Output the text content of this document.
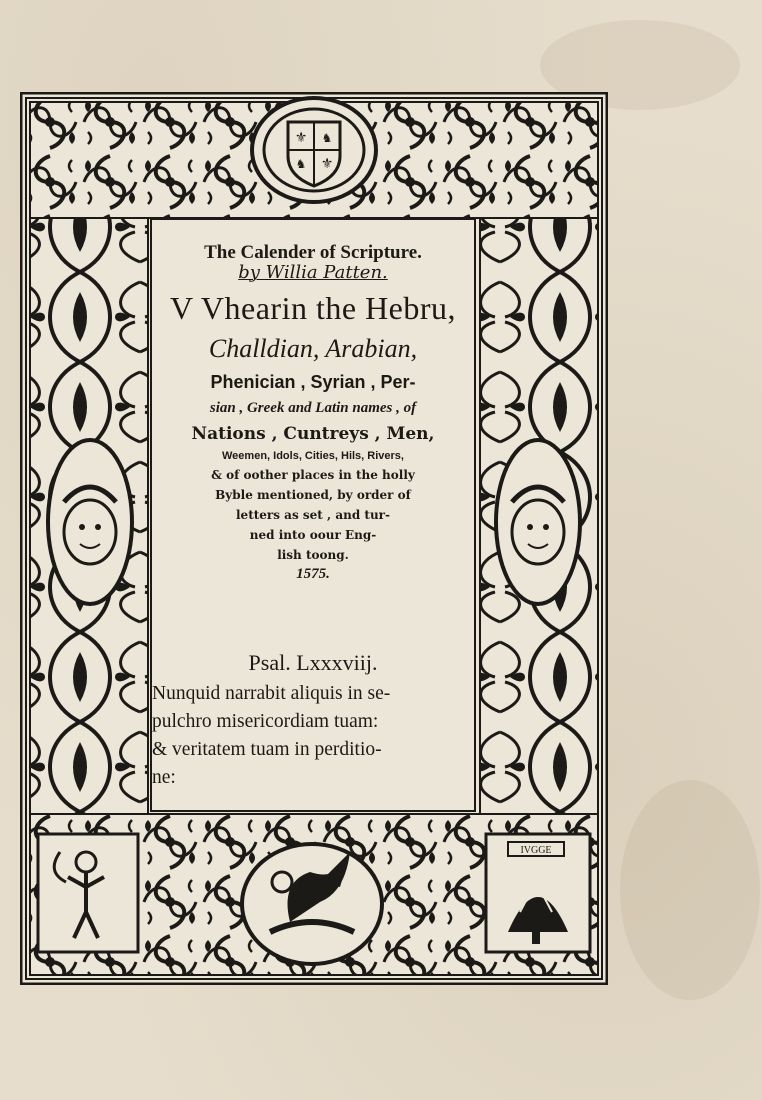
⚜ ♞
♞ ⚜
IVGGE
The Calender of Scripture.
by Willia Patten.
V Vhearin the Hebru,
Challdian, Arabian,
Phenician , Syrian , Per-
sian , Greek and Latin names , of
Nations , Cuntreys , Men,
Weemen, Idols, Cities, Hils, Rivers,
& of oother places in the holly
Byble mentioned, by order of
letters as set , and tur-
ned into oour Eng-
lish toong.
1575.
Psal. Lxxxviij.
Nunquid narrabit aliquis in se-
pulchro misericordiam tuam:
& veritatem tuam in perditio-
ne:
